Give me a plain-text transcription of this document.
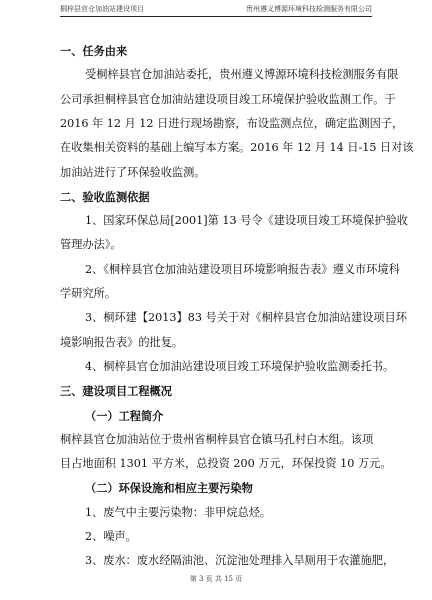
桐梓县官仓加油站建设项目	贵州遵义博源环境科技检测服务有限公司
一、任务由来
受桐梓县官仓加油站委托，贵州遵义博源环境科技检测服务有限
公司承担桐梓县官仓加油站建设项目竣工环境保护验收监测工作。于
2016 年 12 月 12 日进行现场勘察，布设监测点位，确定监测因子，
在收集相关资料的基础上编写本方案。2016 年 12 月 14 日-15 日对该
加油站进行了环保验收监测。
二、验收监测依据
1、国家环保总局[2001]第 13 号令《建设项目竣工环境保护验收
管理办法》。
2、《桐梓县官仓加油站建设项目环境影响报告表》遵义市环境科
学研究所。
3、桐环建【2013】83 号关于对《桐梓县官仓加油站建设项目环
境影响报告表》的批复。
4、桐梓县官仓加油站建设项目竣工环境保护验收监测委托书。
三、建设项目工程概况
（一）工程简介
桐梓县官仓加油站位于贵州省桐梓县官仓镇马孔村白木组。该项
目占地面积 1301 平方米，总投资 200 万元，环保投资 10 万元。
（二）环保设施和相应主要污染物
1、废气中主要污染物：非甲烷总烃。
2、噪声。
3、废水：废水经隔油池、沉淀池处理排入旱厕用于农灌施肥，
第 3 页 共 15 页
